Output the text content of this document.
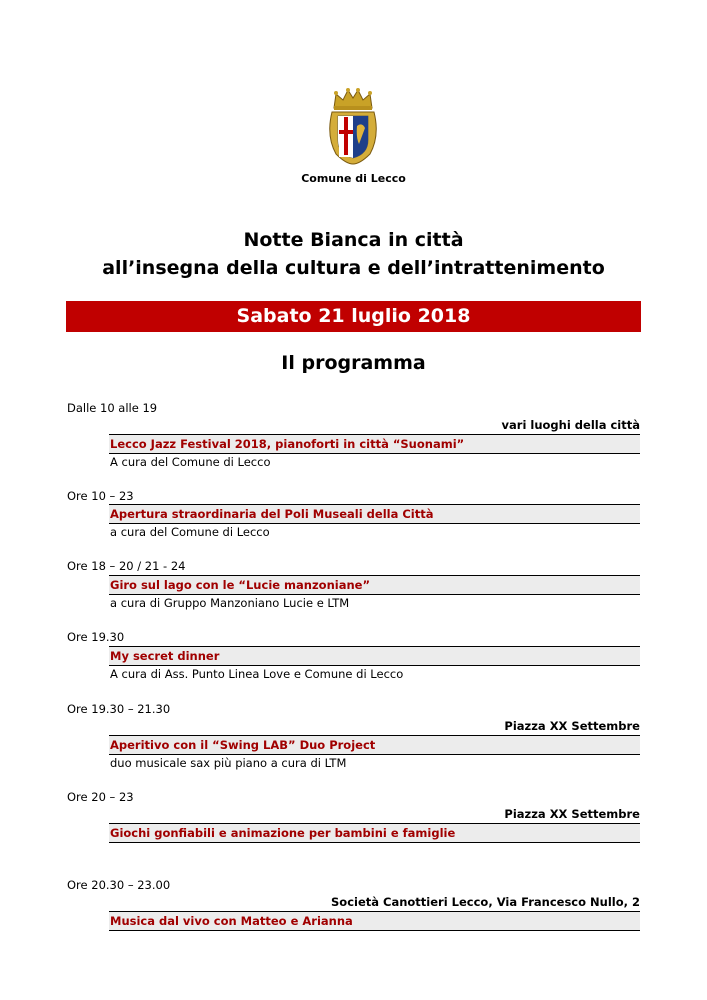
Comune di Lecco
Notte Bianca in città
all’insegna della cultura e dell’intrattenimento
Sabato 21 luglio 2018
Il programma
Dalle 10 alle 19
vari luoghi della città
Lecco Jazz Festival 2018, pianoforti in città “Suonami”
A cura del Comune di Lecco
Ore 10 – 23
Apertura straordinaria del Poli Museali della Città
a cura del Comune di Lecco
Ore 18 – 20 / 21 - 24
Giro sul lago con le “Lucie manzoniane”
a cura di Gruppo Manzoniano Lucie e LTM
Ore 19.30
My secret dinner
A cura di Ass. Punto Linea Love e Comune di Lecco
Ore 19.30 – 21.30
Piazza XX Settembre
Aperitivo con il “Swing LAB” Duo Project
duo musicale sax più piano a cura di LTM
Ore 20 – 23
Piazza XX Settembre
Giochi gonfiabili e animazione per bambini e famiglie
Ore 20.30 – 23.00
Società Canottieri Lecco, Via Francesco Nullo, 2
Musica dal vivo con Matteo e Arianna
